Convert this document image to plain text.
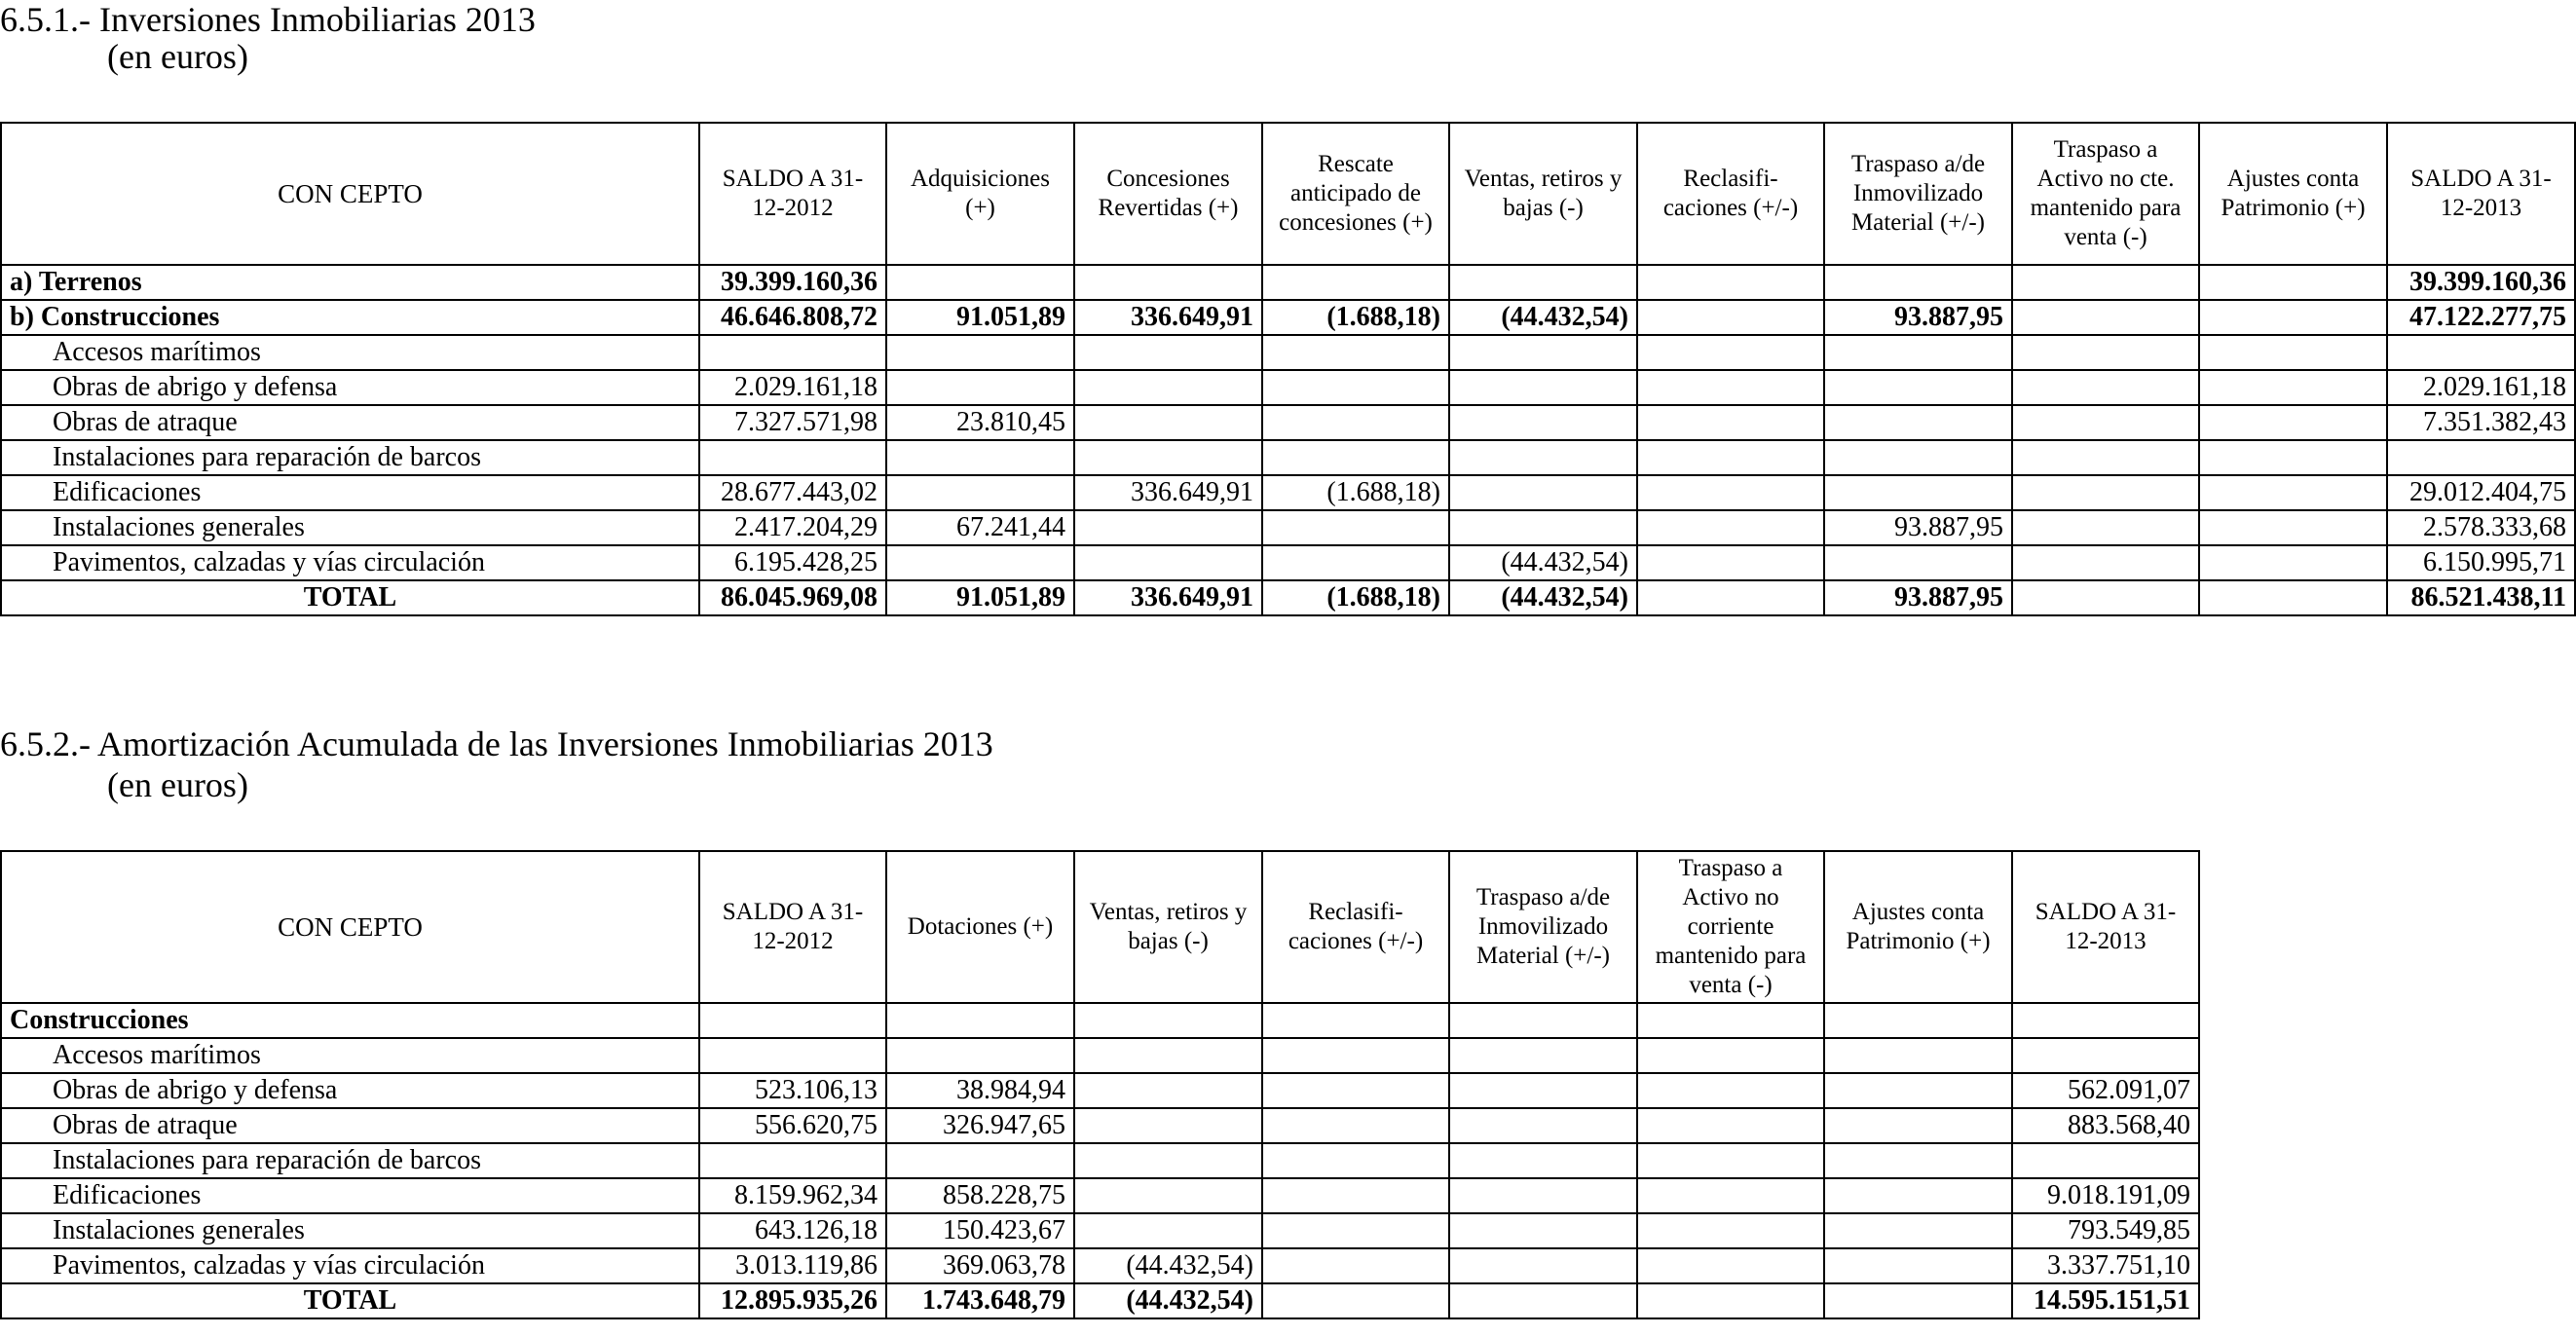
6.5.1.- Inversiones Inmobiliarias 2013
(en euros)
CON CEPTO	SALDO A 31-12-2012	Adquisiciones (+)	Concesiones Revertidas (+)	Rescate anticipado de concesiones (+)	Ventas, retiros y bajas (-)	Reclasifi- caciones (+/-)	Traspaso a/de Inmovilizado Material (+/-)	Traspaso a Activo no cte. mantenido para venta (-)	Ajustes conta Patrimonio (+)	SALDO A 31-12-2013
a) Terrenos	39.399.160,36									39.399.160,36
b) Construcciones	46.646.808,72	91.051,89	336.649,91	(1.688,18)	(44.432,54)		93.887,95			47.122.277,75
Accesos marítimos										
Obras de abrigo y defensa	2.029.161,18									2.029.161,18
Obras de atraque	7.327.571,98	23.810,45								7.351.382,43
Instalaciones para reparación de barcos										
Edificaciones	28.677.443,02		336.649,91	(1.688,18)						29.012.404,75
Instalaciones generales	2.417.204,29	67.241,44					93.887,95			2.578.333,68
Pavimentos, calzadas y vías circulación	6.195.428,25				(44.432,54)					6.150.995,71
TOTAL	86.045.969,08	91.051,89	336.649,91	(1.688,18)	(44.432,54)		93.887,95			86.521.438,11
6.5.2.- Amortización Acumulada de las Inversiones Inmobiliarias 2013
(en euros)
CON CEPTO	SALDO A 31-12-2012	Dotaciones (+)	Ventas, retiros y bajas (-)	Reclasifi- caciones (+/-)	Traspaso a/de Inmovilizado Material (+/-)	Traspaso a Activo no corriente mantenido para venta (-)	Ajustes conta Patrimonio (+)	SALDO A 31-12-2013
Construcciones								
Accesos marítimos								
Obras de abrigo y defensa	523.106,13	38.984,94						562.091,07
Obras de atraque	556.620,75	326.947,65						883.568,40
Instalaciones para reparación de barcos								
Edificaciones	8.159.962,34	858.228,75						9.018.191,09
Instalaciones generales	643.126,18	150.423,67						793.549,85
Pavimentos, calzadas y vías circulación	3.013.119,86	369.063,78	(44.432,54)					3.337.751,10
TOTAL	12.895.935,26	1.743.648,79	(44.432,54)					14.595.151,51
